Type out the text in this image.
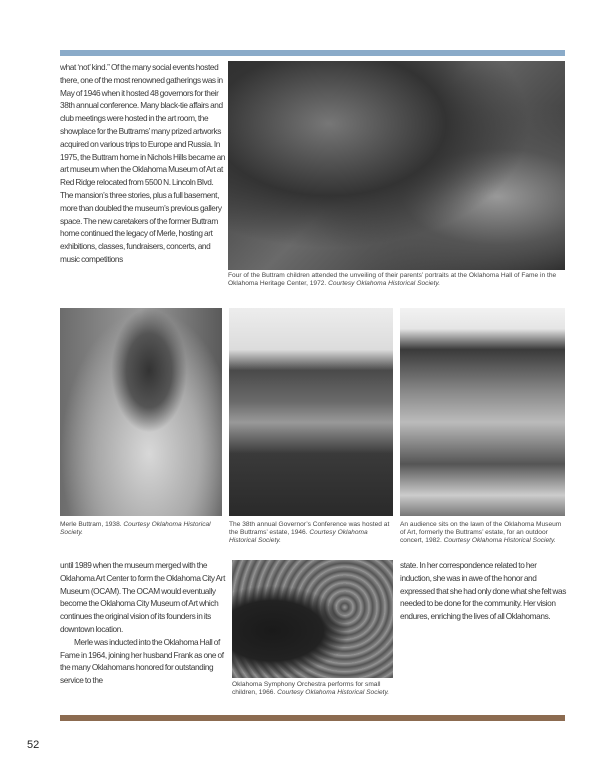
what ‘not’ kind.” Of the many social events hosted there, one of the most renowned gatherings was in May of 1946 when it hosted 48 governors for their 38th annual conference. Many black-tie affairs and club meetings were hosted in the art room, the showplace for the Buttrams’ many prized artworks acquired on various trips to Europe and Russia. In 1975, the Buttram home in Nichols Hills became an art museum when the Oklahoma Museum of Art at Red Ridge relocated from 5500 N. Lincoln Blvd. The mansion’s three stories, plus a full basement, more than doubled the museum’s previous gallery space. The new caretakers of the former Buttram home continued the legacy of Merle, hosting art exhibitions, classes, fundraisers, concerts, and music competitions

Four of the Buttram children attended the unveiling of their parents’ portraits at the Oklahoma Hall of Fame in the Oklahoma Heritage Center, 1972. Courtesy Oklahoma Historical Society.

Merle Buttram, 1938. Courtesy Oklahoma Historical Society.

The 38th annual Governor’s Conference was hosted at the Buttrams’ estate, 1946. Courtesy Oklahoma Historical Society.

An audience sits on the lawn of the Oklahoma Museum of Art, formerly the Buttrams’ estate, for an outdoor concert, 1982. Courtesy Oklahoma Historical Society.

until 1989 when the museum merged with the Oklahoma Art Center to form the Oklahoma City Art Museum (OCAM). The OCAM would eventually become the Oklahoma City Museum of Art which continues the original vision of its founders in its downtown location.

Merle was inducted into the Oklahoma Hall of Fame in 1964, joining her husband Frank as one of the many Oklahomans honored for outstanding service to the	Oklahoma Symphony Orchestra performs for small children, 1966. Courtesy Oklahoma Historical Society.

state. In her correspondence related to her induction, she was in awe of the honor and expressed that she had only done what she felt was needed to be done for the community. Her vision endures, enriching the lives of all Oklahomans.

52
